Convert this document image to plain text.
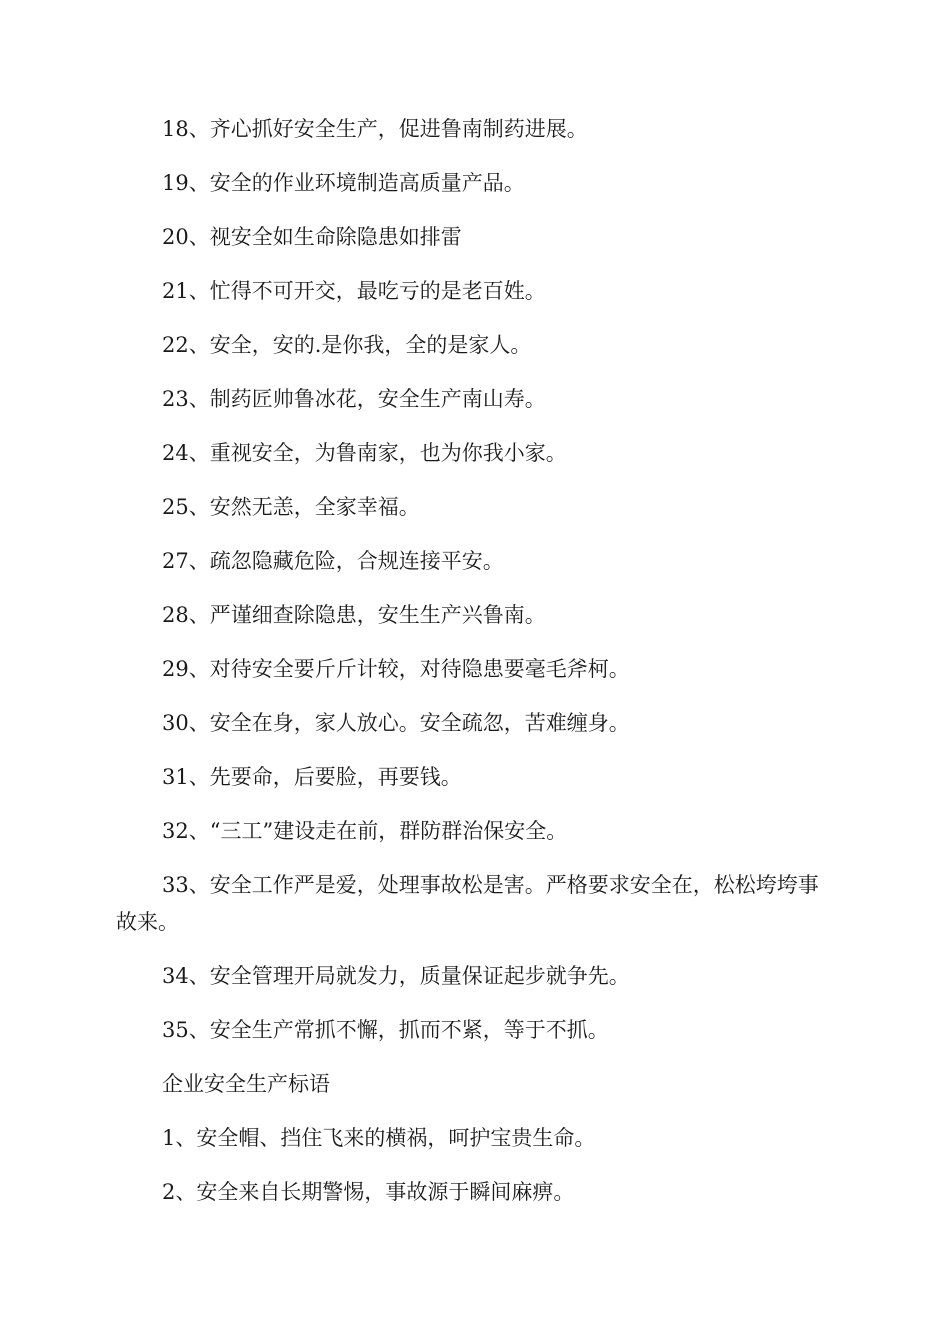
18、齐心抓好安全生产，促进鲁南制药进展。

19、安全的作业环境制造高质量产品。

20、视安全如生命除隐患如排雷

21、忙得不可开交，最吃亏的是老百姓。

22、安全，安的.是你我，全的是家人。

23、制药匠帅鲁冰花，安全生产南山寿。

24、重视安全，为鲁南家，也为你我小家。

25、安然无恙，全家幸福。

27、疏忽隐藏危险，合规连接平安。

28、严谨细查除隐患，安生生产兴鲁南。

29、对待安全要斤斤计较，对待隐患要毫毛斧柯。

30、安全在身，家人放心。安全疏忽，苦难缠身。

31、先要命，后要脸，再要钱。

32、“三工”建设走在前，群防群治保安全。

33、安全工作严是爱，处理事故松是害。严格要求安全在，松松垮垮事故来。

34、安全管理开局就发力，质量保证起步就争先。

35、安全生产常抓不懈，抓而不紧，等于不抓。

企业安全生产标语

1、安全帽、挡住飞来的横祸，呵护宝贵生命。

2、安全来自长期警惕，事故源于瞬间麻痹。
